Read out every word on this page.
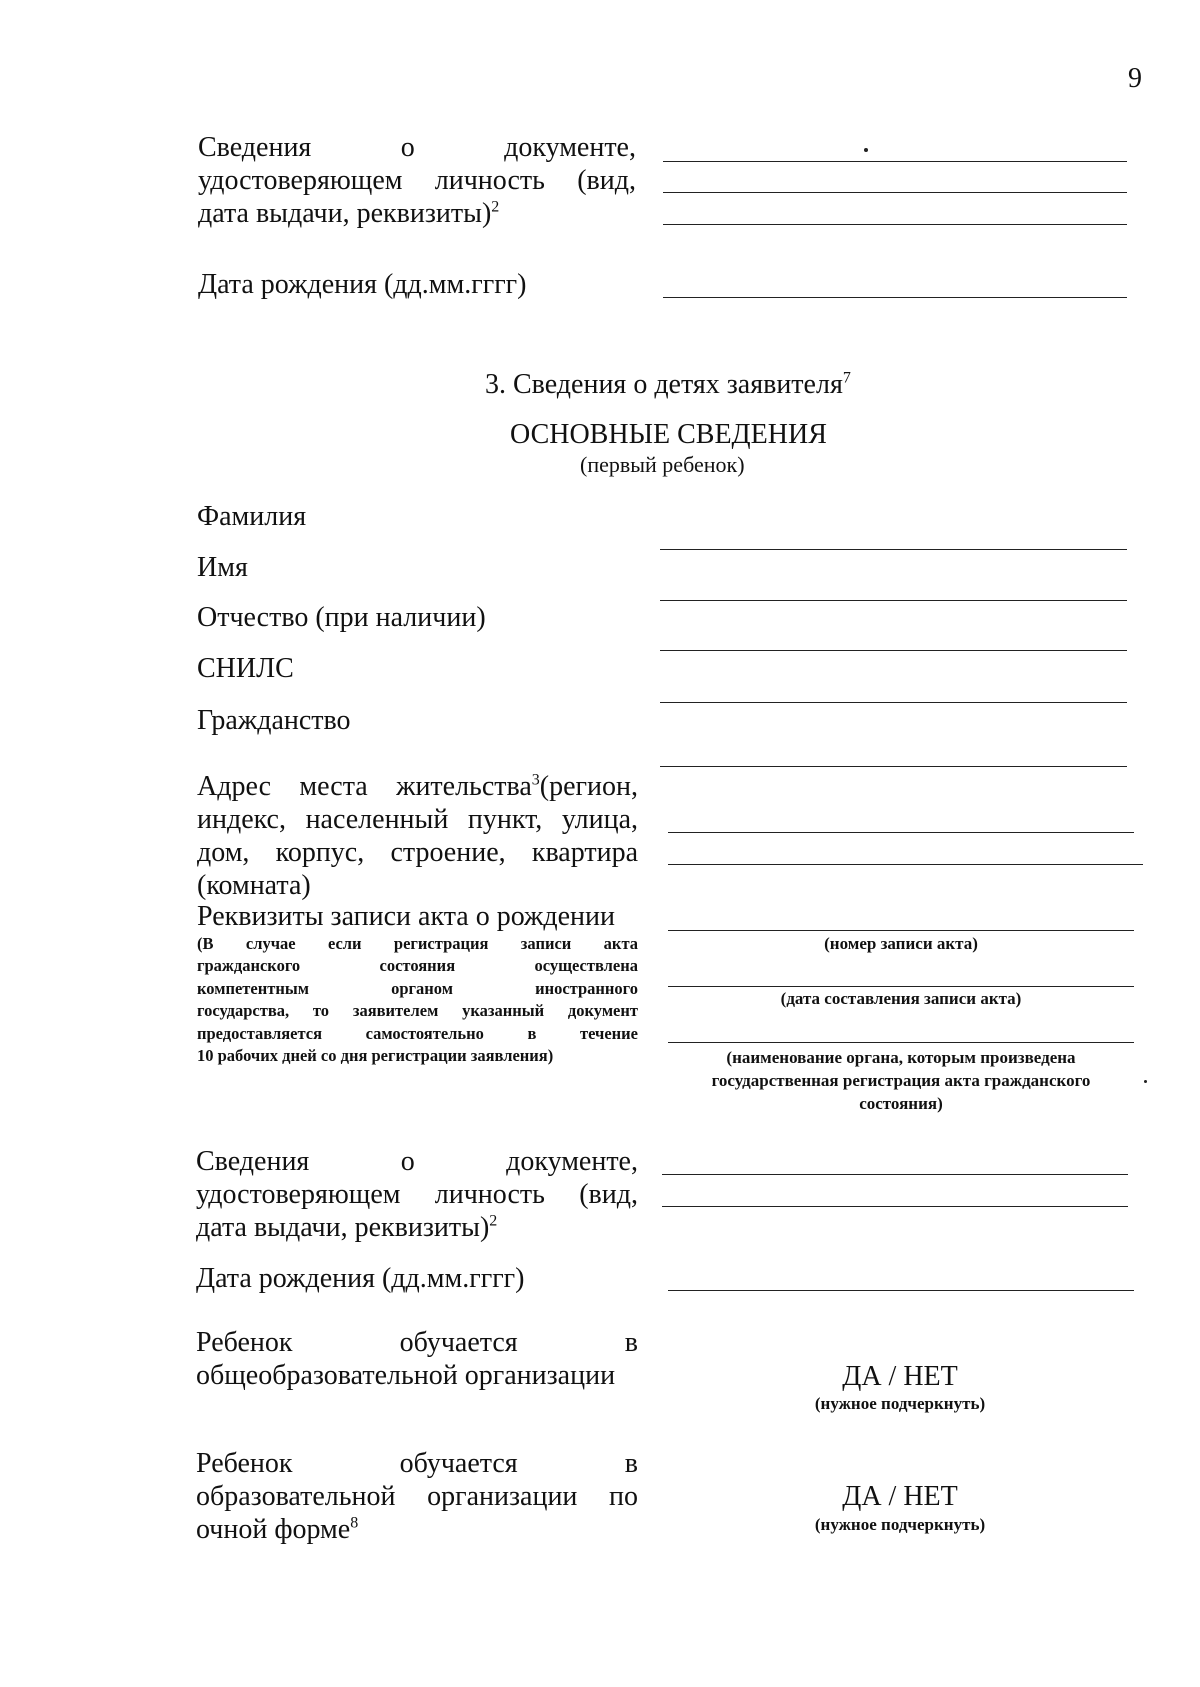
9
Сведения о документе,
удостоверяющем личность (вид,
дата выдачи, реквизиты)$^2$
Дата рождения (дд.мм.гггг)
3. Сведения о детях заявителя$^7$
ОСНОВНЫЕ СВЕДЕНИЯ
(первый ребенок)
Фамилия
Имя
Отчество (при наличии)
СНИЛС
Гражданство
Адрес места жительства$^3$(регион,
индекс, населенный пункт, улица,
дом, корпус, строение, квартира
(комната)
Реквизиты записи акта о рождении
(В случае если регистрация записи акта
гражданского состояния осуществлена
компетентным органом иностранного
государства, то заявителем указанный документ
предоставляется самостоятельно в течение
10 рабочих дней со дня регистрации заявления)
(номер записи акта)
(дата составления записи акта)
(наименование органа, которым произведена
государственная регистрация акта гражданского
состояния)
Сведения о документе,
удостоверяющем личность (вид,
дата выдачи, реквизиты)$^2$
Дата рождения (дд.мм.гггг)
Ребенок обучается в
общеобразовательной организации	ДА / НЕТ
(нужное подчеркнуть)
Ребенок обучается в
образовательной организации по
очной форме$^8$
ДА / НЕТ
(нужное подчеркнуть)
